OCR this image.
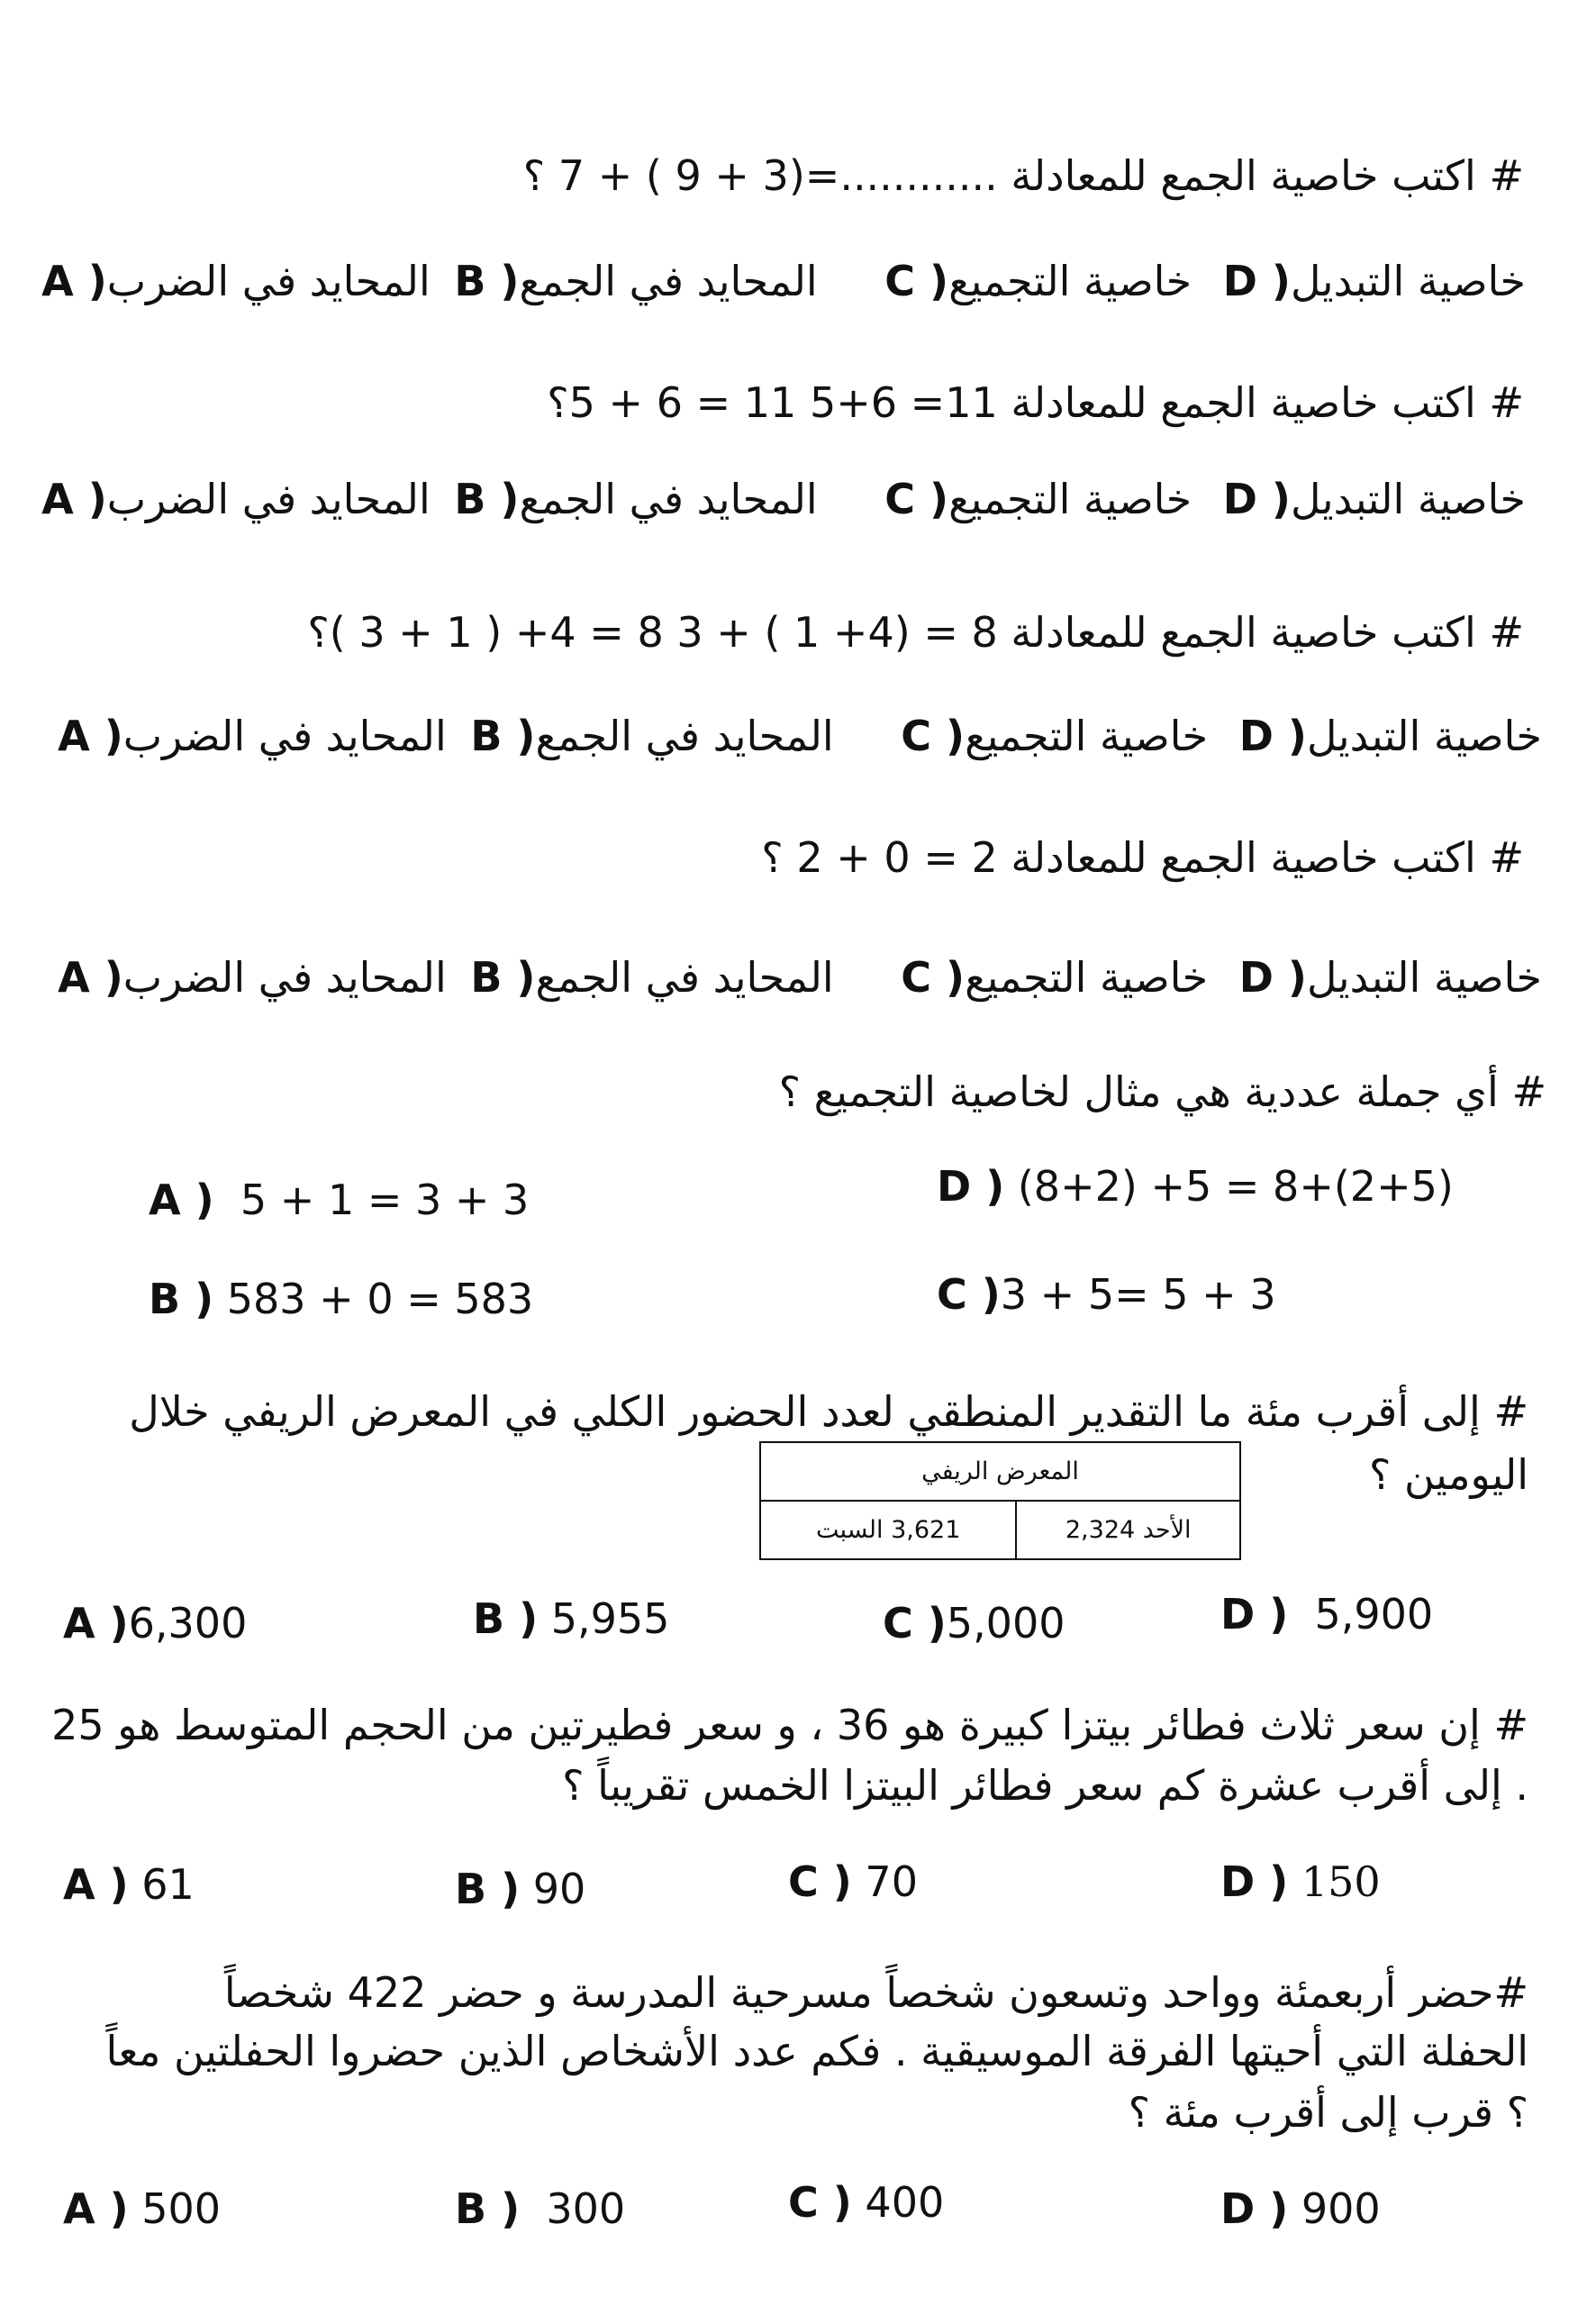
# اكتب خاصية الجمع للمعادلة ............=(3 + 9 ) + 7 ؟
خاصية التبديل( D خاصية التجميع( C المحايد في الجمع( B المحايد في الضرب( A
# اكتب خاصية الجمع للمعادلة 11= 6+5 11 = 6 + 5؟
خاصية التبديل( D خاصية التجميع( C المحايد في الجمع( B المحايد في الضرب( A
# اكتب خاصية الجمع للمعادلة 8 = (4+ 1 ) + 3 8 = 4+ ( 1 + 3 )؟
خاصية التبديل( D خاصية التجميع( C المحايد في الجمع( B المحايد في الضرب( A
# اكتب خاصية الجمع للمعادلة 2 = 0 + 2 ؟
خاصية التبديل( D خاصية التجميع( C المحايد في الجمع( B المحايد في الضرب( A
# أي جملة عددية هي مثال لخاصية التجميع ؟
A ) 5 + 1 = 3 + 3	D ) (8+2) +5 = 8+(2+5)
B ) 583 + 0 = 583	C )3 + 5= 5 + 3
# إلى أقرب مئة ما التقدير المنطقي لعدد الحضور الكلي في المعرض الريفي خلال
اليومين ؟
المعرض الريفي
3,621 السبت	الأحد 2,324
A )6,300	B ) 5,955	C )5,000	D ) 5,900
# إن سعر ثلاث فطائر بيتزا كبيرة هو 36 ، و سعر فطيرتين من الحجم المتوسط هو 25
. إلى أقرب عشرة كم سعر فطائر البيتزا الخمس تقريباً ؟
A ) 61	B ) 90	C ) 70	D ) 150
#حضر أربعمئة وواحد وتسعون شخصاً مسرحية المدرسة و حضر 422 شخصاً
الحفلة التي أحيتها الفرقة الموسيقية . فكم عدد الأشخاص الذين حضروا الحفلتين معاً
؟ قرب إلى أقرب مئة ؟
A ) 500	B ) 300	C ) 400	D ) 900
